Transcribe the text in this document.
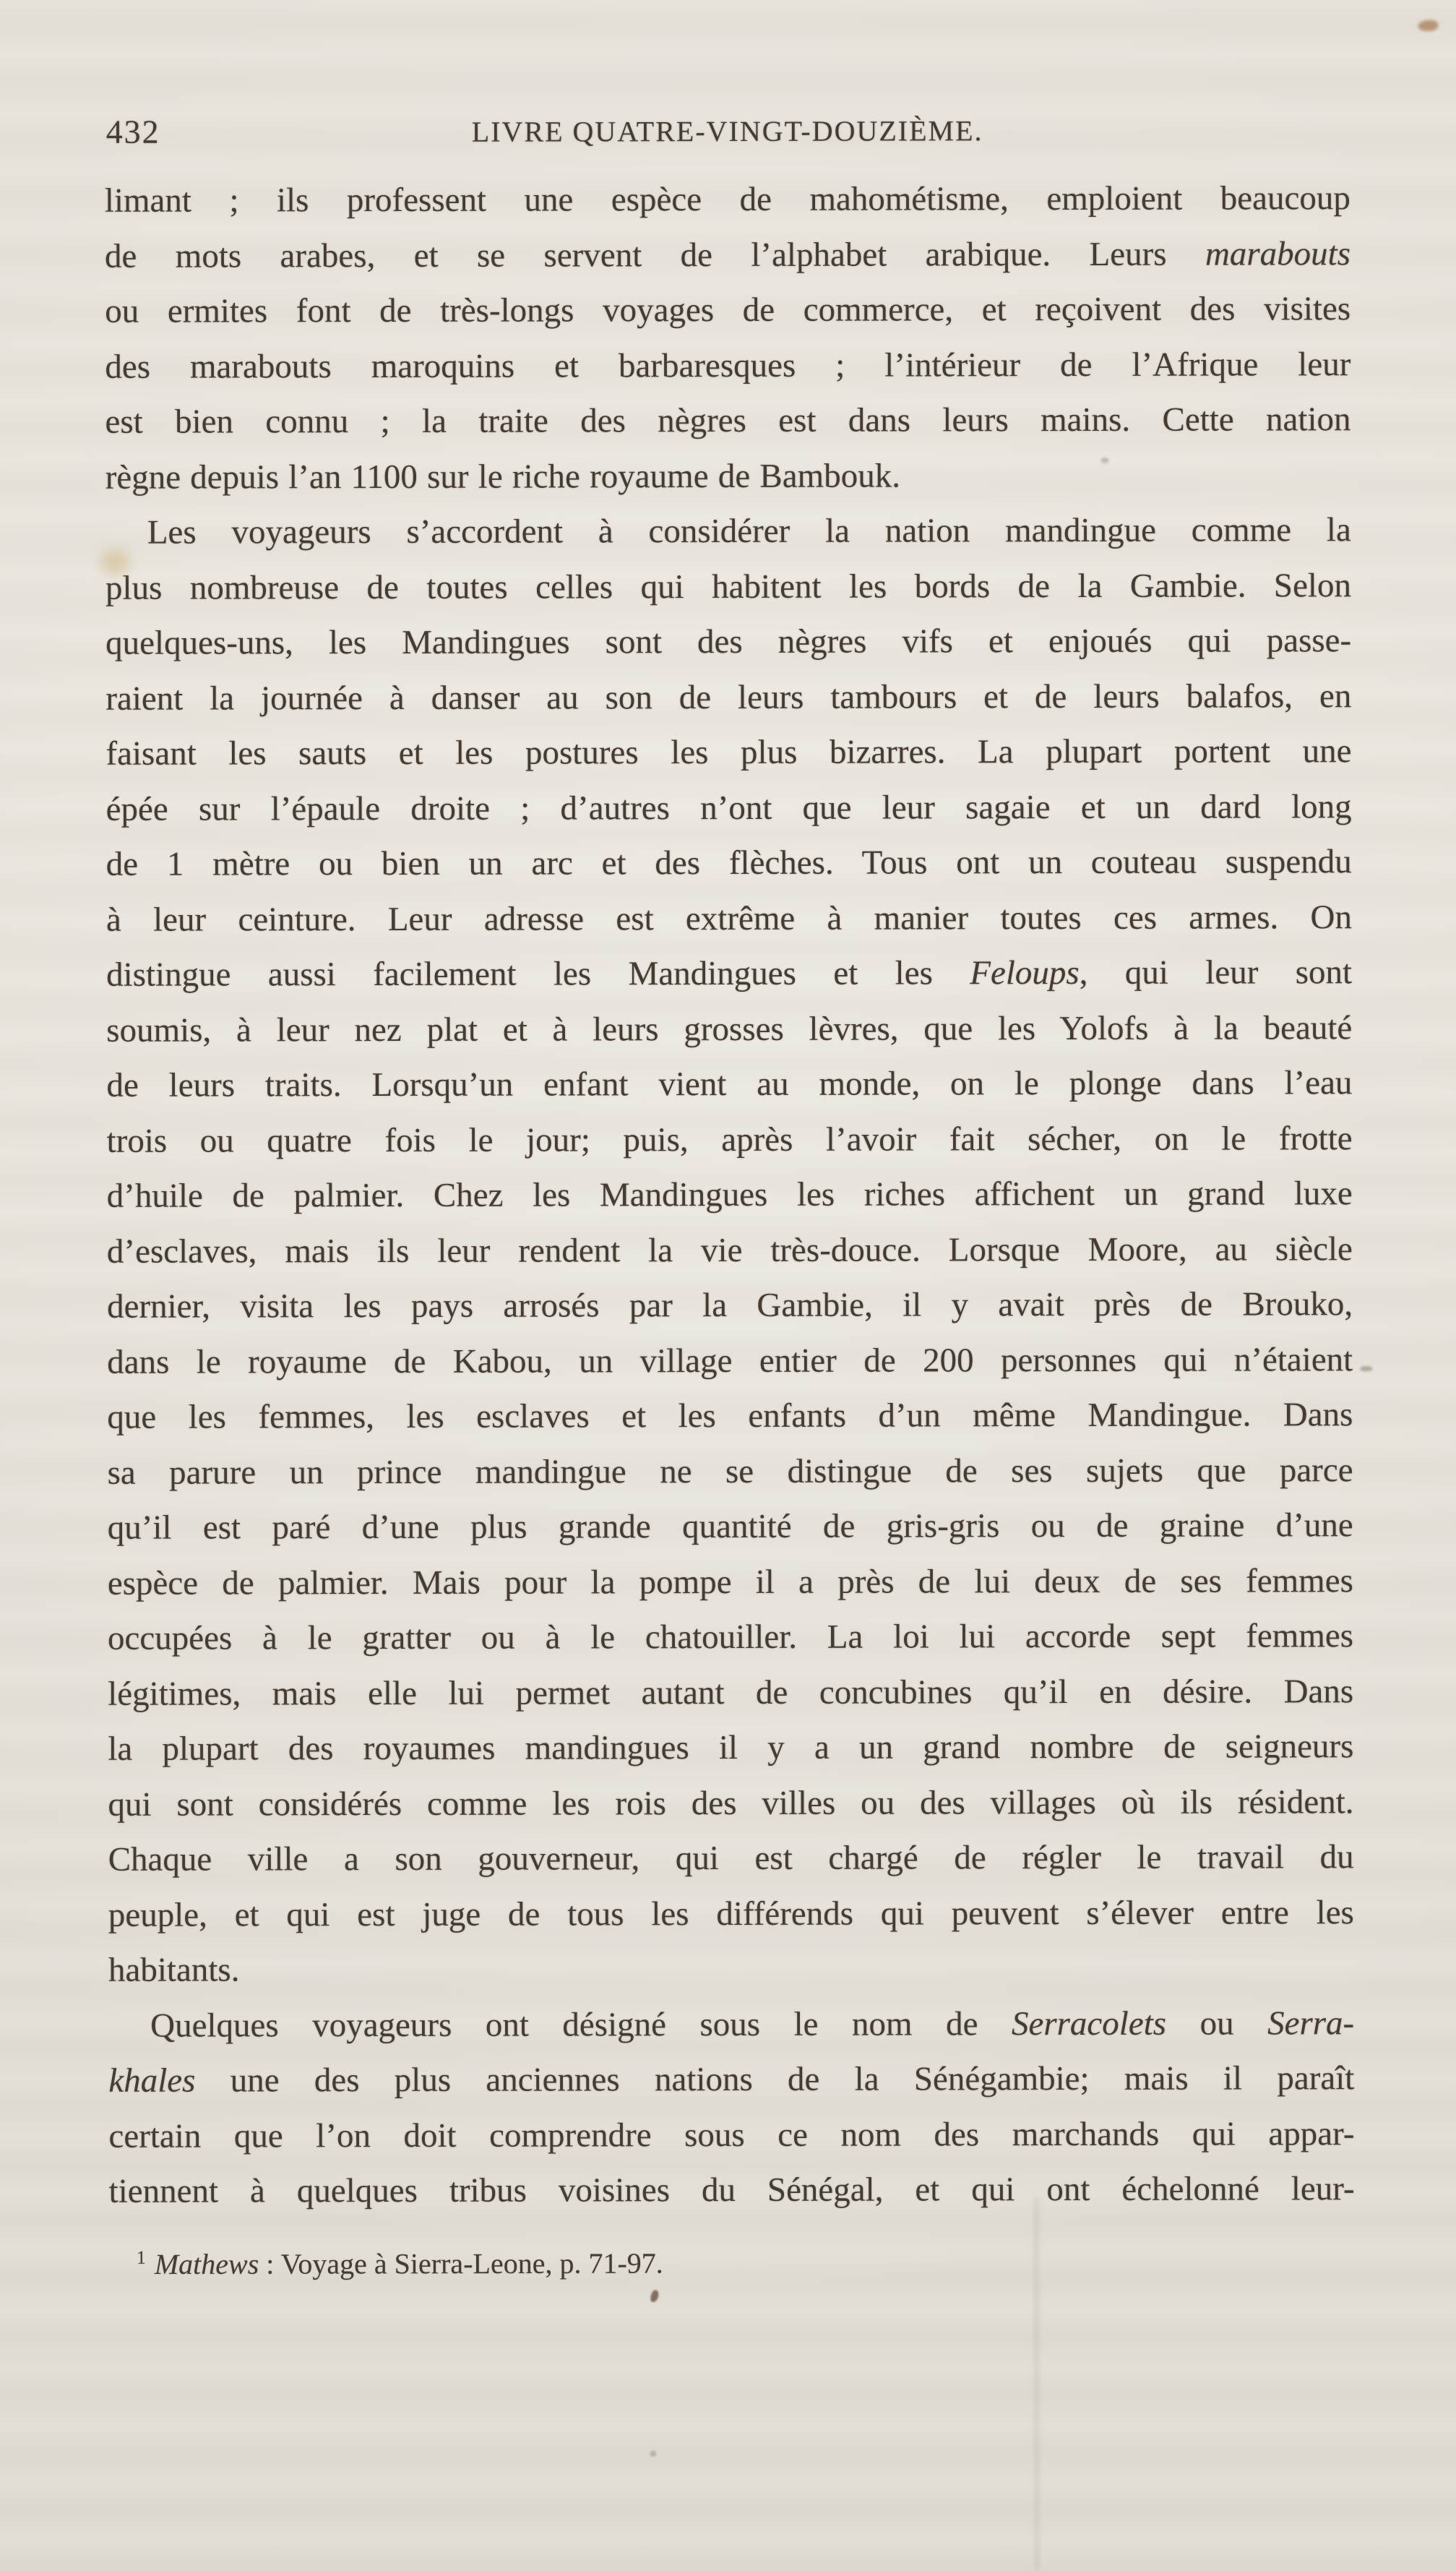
432	LIVRE QUATRE-VINGT-DOUZIÈME.
limant ; ils professent une espèce de mahométisme, emploient beaucoup
de mots arabes, et se servent de l’alphabet arabique. Leurs marabouts
ou ermites font de très-longs voyages de commerce, et reçoivent des visites
des marabouts maroquins et barbaresques ; l’intérieur de l’Afrique leur
est bien connu ; la traite des nègres est dans leurs mains. Cette nation
règne depuis l’an 1100 sur le riche royaume de Bambouk.
Les voyageurs s’accordent à considérer la nation mandingue comme la
plus nombreuse de toutes celles qui habitent les bords de la Gambie. Selon
quelques-uns, les Mandingues sont des nègres vifs et enjoués qui passe-
raient la journée à danser au son de leurs tambours et de leurs balafos, en
faisant les sauts et les postures les plus bizarres. La plupart portent une
épée sur l’épaule droite ; d’autres n’ont que leur sagaie et un dard long
de 1 mètre ou bien un arc et des flèches. Tous ont un couteau suspendu
à leur ceinture. Leur adresse est extrême à manier toutes ces armes. On
distingue aussi facilement les Mandingues et les Feloups, qui leur sont
soumis, à leur nez plat et à leurs grosses lèvres, que les Yolofs à la beauté
de leurs traits. Lorsqu’un enfant vient au monde, on le plonge dans l’eau
trois ou quatre fois le jour; puis, après l’avoir fait sécher, on le frotte
d’huile de palmier. Chez les Mandingues les riches affichent un grand luxe
d’esclaves, mais ils leur rendent la vie très-douce. Lorsque Moore, au siècle
dernier, visita les pays arrosés par la Gambie, il y avait près de Brouko,
dans le royaume de Kabou, un village entier de 200 personnes qui n’étaient
que les femmes, les esclaves et les enfants d’un même Mandingue. Dans
sa parure un prince mandingue ne se distingue de ses sujets que parce
qu’il est paré d’une plus grande quantité de gris-gris ou de graine d’une
espèce de palmier. Mais pour la pompe il a près de lui deux de ses femmes
occupées à le gratter ou à le chatouiller. La loi lui accorde sept femmes
légitimes, mais elle lui permet autant de concubines qu’il en désire. Dans
la plupart des royaumes mandingues il y a un grand nombre de seigneurs
qui sont considérés comme les rois des villes ou des villages où ils résident.
Chaque ville a son gouverneur, qui est chargé de régler le travail du
peuple, et qui est juge de tous les différends qui peuvent s’élever entre les
habitants.
Quelques voyageurs ont désigné sous le nom de Serracolets ou Serra-
khales une des plus anciennes nations de la Sénégambie; mais il paraît
certain que l’on doit comprendre sous ce nom des marchands qui appar-
tiennent à quelques tribus voisines du Sénégal, et qui ont échelonné leur-
$^1$ Mathews : Voyage à Sierra-Leone, p. 71-97.
